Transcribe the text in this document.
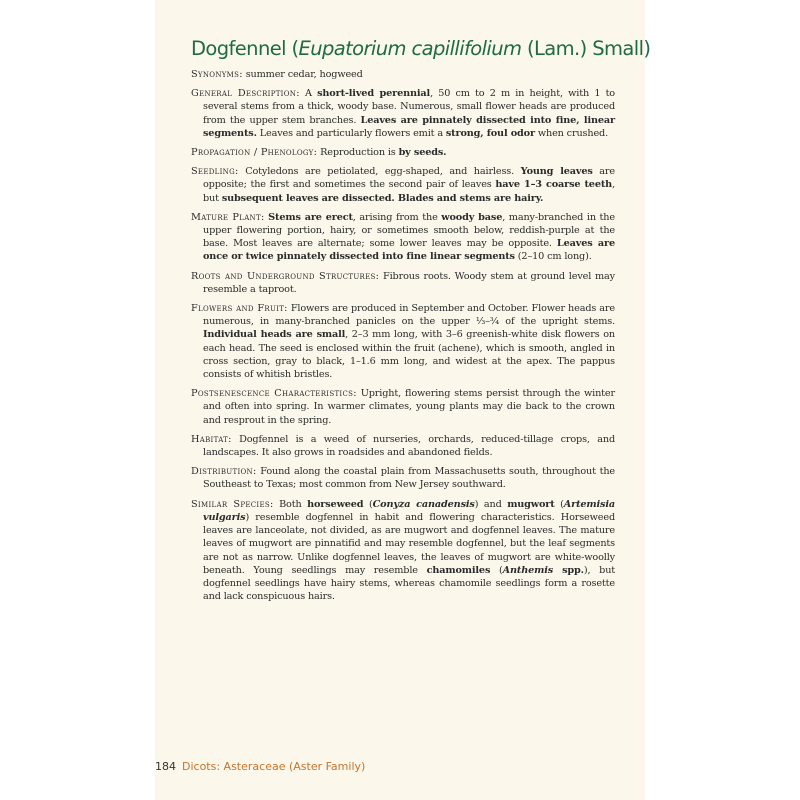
Dogfennel (Eupatorium capillifolium (Lam.) Small)

Synonyms: summer cedar, hogweed

General Description: A short-lived perennial, 50 cm to 2 m in height, with 1 to several stems from a thick, woody base. Numerous, small flower heads are produced from the upper stem branches. Leaves are pinnately dissected into fine, linear segments. Leaves and particularly flowers emit a strong, foul odor when crushed.

Propagation / Phenology: Reproduction is by seeds.

Seedling: Cotyledons are petiolated, egg-shaped, and hairless. Young leaves are opposite; the first and sometimes the second pair of leaves have 1–3 coarse teeth, but subsequent leaves are dissected. Blades and stems are hairy.

Mature Plant: Stems are erect, arising from the woody base, many-branched in the upper flowering portion, hairy, or sometimes smooth below, reddish-purple at the base. Most leaves are alternate; some lower leaves may be opposite. Leaves are once or twice pinnately dissected into fine linear segments (2–10 cm long).

Roots and Underground Structures: Fibrous roots. Woody stem at ground level may resemble a taproot.

Flowers and Fruit: Flowers are produced in September and October. Flower heads are numerous, in many-branched panicles on the upper ⅓–¾ of the upright stems. Individual heads are small, 2–3 mm long, with 3–6 greenish-white disk flowers on each head. The seed is enclosed within the fruit (achene), which is smooth, angled in cross section, gray to black, 1–1.6 mm long, and widest at the apex. The pappus consists of whitish bristles.

Postsenescence Characteristics: Upright, flowering stems persist through the winter and often into spring. In warmer climates, young plants may die back to the crown and resprout in the spring.

Habitat: Dogfennel is a weed of nurseries, orchards, reduced-tillage crops, and landscapes. It also grows in roadsides and abandoned fields.

Distribution: Found along the coastal plain from Massachusetts south, throughout the Southeast to Texas; most common from New Jersey southward.

Similar Species: Both horseweed (Conyza canadensis) and mugwort (Artemisia vulgaris) resemble dogfennel in habit and flowering characteristics. Horseweed leaves are lanceolate, not divided, as are mugwort and dogfennel leaves. The mature leaves of mugwort are pinnatifid and may resemble dogfennel, but the leaf segments are not as narrow. Unlike dogfennel leaves, the leaves of mugwort are white-woolly beneath. Young seedlings may resemble chamomiles (Anthemis spp.), but dogfennel seedlings have hairy stems, whereas chamomile seedlings form a rosette and lack conspicuous hairs.

184 Dicots: Asteraceae (Aster Family)
